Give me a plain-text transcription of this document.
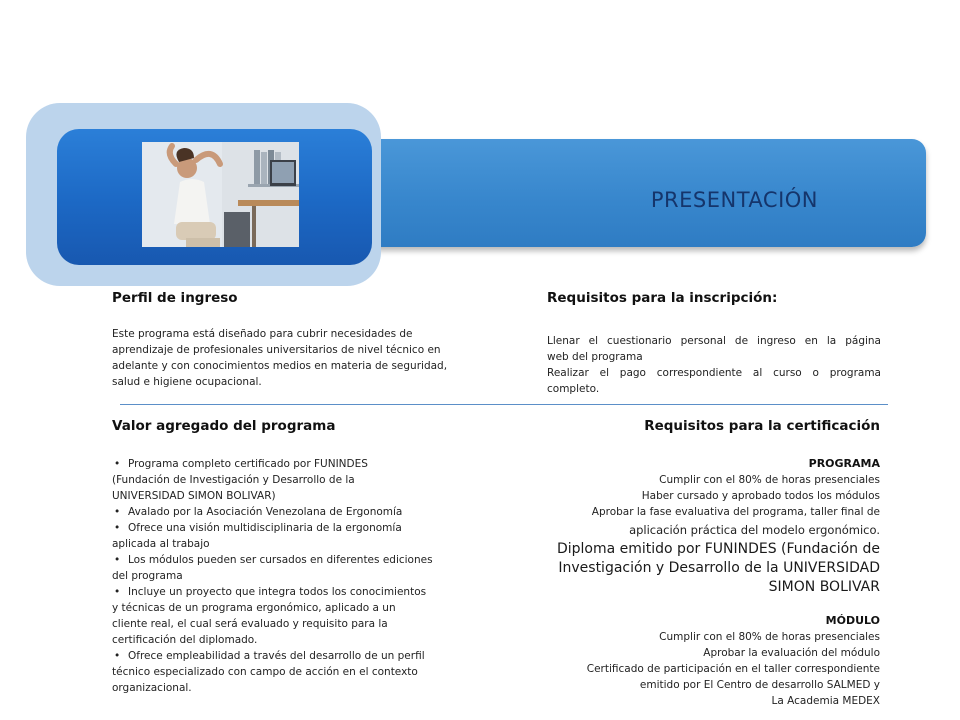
PRESENTACIÓN
Perfil de ingreso

Este programa está diseñado para cubrir necesidades de

aprendizaje de profesionales universitarios de nivel técnico en

adelante y con conocimientos medios en materia de seguridad,

salud e higiene ocupacional.

Requisitos para la inscripción:

Llenar el cuestionario personal de ingreso en la página

web del programa

Realizar el pago correspondiente al curso o programa

completo.

Valor agregado del programa
• Programa completo certificado por FUNINDES

(Fundación de Investigación y Desarrollo de la

UNIVERSIDAD SIMON BOLIVAR)

• Avalado por la Asociación Venezolana de Ergonomía
• Ofrece una visión multidisciplinaria de la ergonomía

aplicada al trabajo

• Los módulos pueden ser cursados en diferentes ediciones

del programa

• Incluye un proyecto que integra todos los conocimientos

y técnicas de un programa ergonómico, aplicado a un

cliente real, el cual será evaluado y requisito para la

certificación del diplomado.

• Ofrece empleabilidad a través del desarrollo de un perfil

técnico especializado con campo de acción en el contexto

organizacional.

Requisitos para la certificación

PROGRAMA

Cumplir con el 80% de horas presenciales

Haber cursado y aprobado todos los módulos

Aprobar la fase evaluativa del programa, taller final de

aplicación práctica del modelo ergonómico.

Diploma emitido por FUNINDES (Fundación de

Investigación y Desarrollo de la UNIVERSIDAD

SIMON BOLIVAR

MÓDULO

Cumplir con el 80% de horas presenciales

Aprobar la evaluación del módulo

Certificado de participación en el taller correspondiente

emitido por El Centro de desarrollo SALMED y

La Academia MEDEX
